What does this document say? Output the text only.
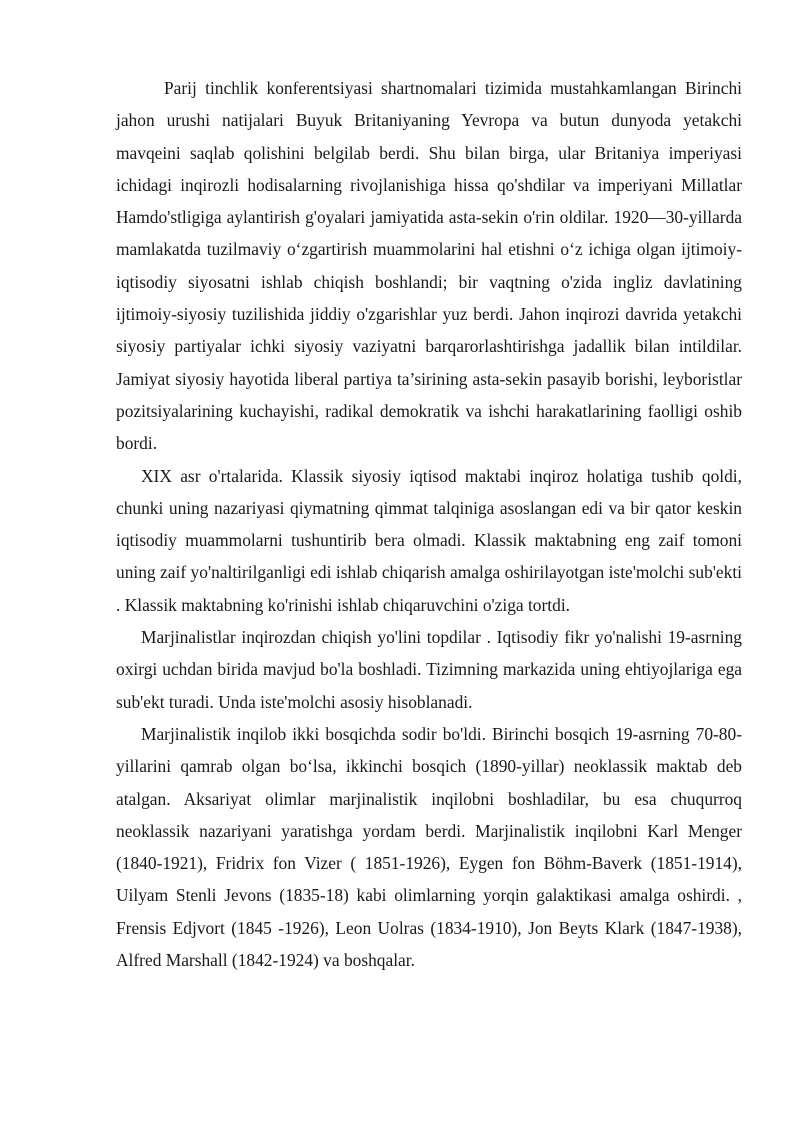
Parij tinchlik konferentsiyasi shartnomalari tizimida mustahkamlangan Birinchi jahon urushi natijalari Buyuk Britaniyaning Yevropa va butun dunyoda yetakchi mavqeini saqlab qolishini belgilab berdi. Shu bilan birga, ular Britaniya imperiyasi ichidagi inqirozli hodisalarning rivojlanishiga hissa qo'shdilar va imperiyani Millatlar Hamdo'stligiga aylantirish g'oyalari jamiyatida asta-sekin o'rin oldilar. 1920—30-yillarda mamlakatda tuzilmaviy o‘zgartirish muammolarini hal etishni o‘z ichiga olgan ijtimoiy-iqtisodiy siyosatni ishlab chiqish boshlandi; bir vaqtning o'zida ingliz davlatining ijtimoiy-siyosiy tuzilishida jiddiy o'zgarishlar yuz berdi. Jahon inqirozi davrida yetakchi siyosiy partiyalar ichki siyosiy vaziyatni barqarorlashtirishga jadallik bilan intildilar. Jamiyat siyosiy hayotida liberal partiya ta’sirining asta-sekin pasayib borishi, leyboristlar pozitsiyalarining kuchayishi, radikal demokratik va ishchi harakatlarining faolligi oshib bordi.

XIX asr o'rtalarida. Klassik siyosiy iqtisod maktabi inqiroz holatiga tushib qoldi, chunki uning nazariyasi qiymatning qimmat talqiniga asoslangan edi va bir qator keskin iqtisodiy muammolarni tushuntirib bera olmadi. Klassik maktabning eng zaif tomoni uning zaif yo'naltirilganligi edi ishlab chiqarish amalga oshirilayotgan iste'molchi sub'ekti . Klassik maktabning ko'rinishi ishlab chiqaruvchini o'ziga tortdi.

Marjinalistlar inqirozdan chiqish yo'lini topdilar . Iqtisodiy fikr yo'nalishi 19-asrning oxirgi uchdan birida mavjud bo'la boshladi. Tizimning markazida uning ehtiyojlariga ega sub'ekt turadi. Unda iste'molchi asosiy hisoblanadi.

Marjinalistik inqilob ikki bosqichda sodir bo'ldi. Birinchi bosqich 19-asrning 70-80-yillarini qamrab olgan bo‘lsa, ikkinchi bosqich (1890-yillar) neoklassik maktab deb atalgan. Aksariyat olimlar marjinalistik inqilobni boshladilar, bu esa chuqurroq neoklassik nazariyani yaratishga yordam berdi. Marjinalistik inqilobni Karl Menger (1840-1921), Fridrix fon Vizer ( 1851-1926), Eygen fon Böhm-Baverk (1851-1914), Uilyam Stenli Jevons (1835-18) kabi olimlarning yorqin galaktikasi amalga oshirdi. , Frensis Edjvort (1845 -1926), Leon Uolras (1834-1910), Jon Beyts Klark (1847-1938), Alfred Marshall (1842-1924) va boshqalar.
